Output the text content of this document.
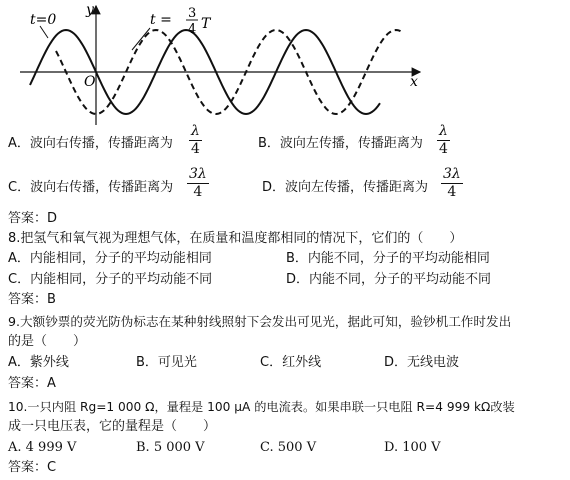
t=0
y
O	x
t = 3
4 T
A．波向右传播，传播距离为 $\frac{\lambda}{4}$	B．波向左传播，传播距离为 $\frac{\lambda}{4}$
C．波向右传播，传播距离为 $\frac{3\lambda}{4}$	D．波向左传播，传播距离为 $\frac{3\lambda}{4}$
答案：D
8.把氢气和氧气视为理想气体，在质量和温度都相同的情况下，它们的（　　）
A．内能相同，分子的平均动能相同	B．内能不同，分子的平均动能相同
C．内能相同，分子的平均动能不同	D．内能不同，分子的平均动能不同
答案：B
9.大额钞票的荧光防伪标志在某种射线照射下会发出可见光，据此可知，验钞机工作时发出
的是（　　）
A．紫外线	B．可见光	C．红外线	D．无线电波
答案：A
10.一只内阻 Rg=1 000 Ω，量程是 100 μA 的电流表。如果串联一只电阻 R=4 999 kΩ改装
成一只电压表，它的量程是（　　）
A. 4 999 V	B. 5 000 V	C. 500 V	D. 100 V
答案：C
